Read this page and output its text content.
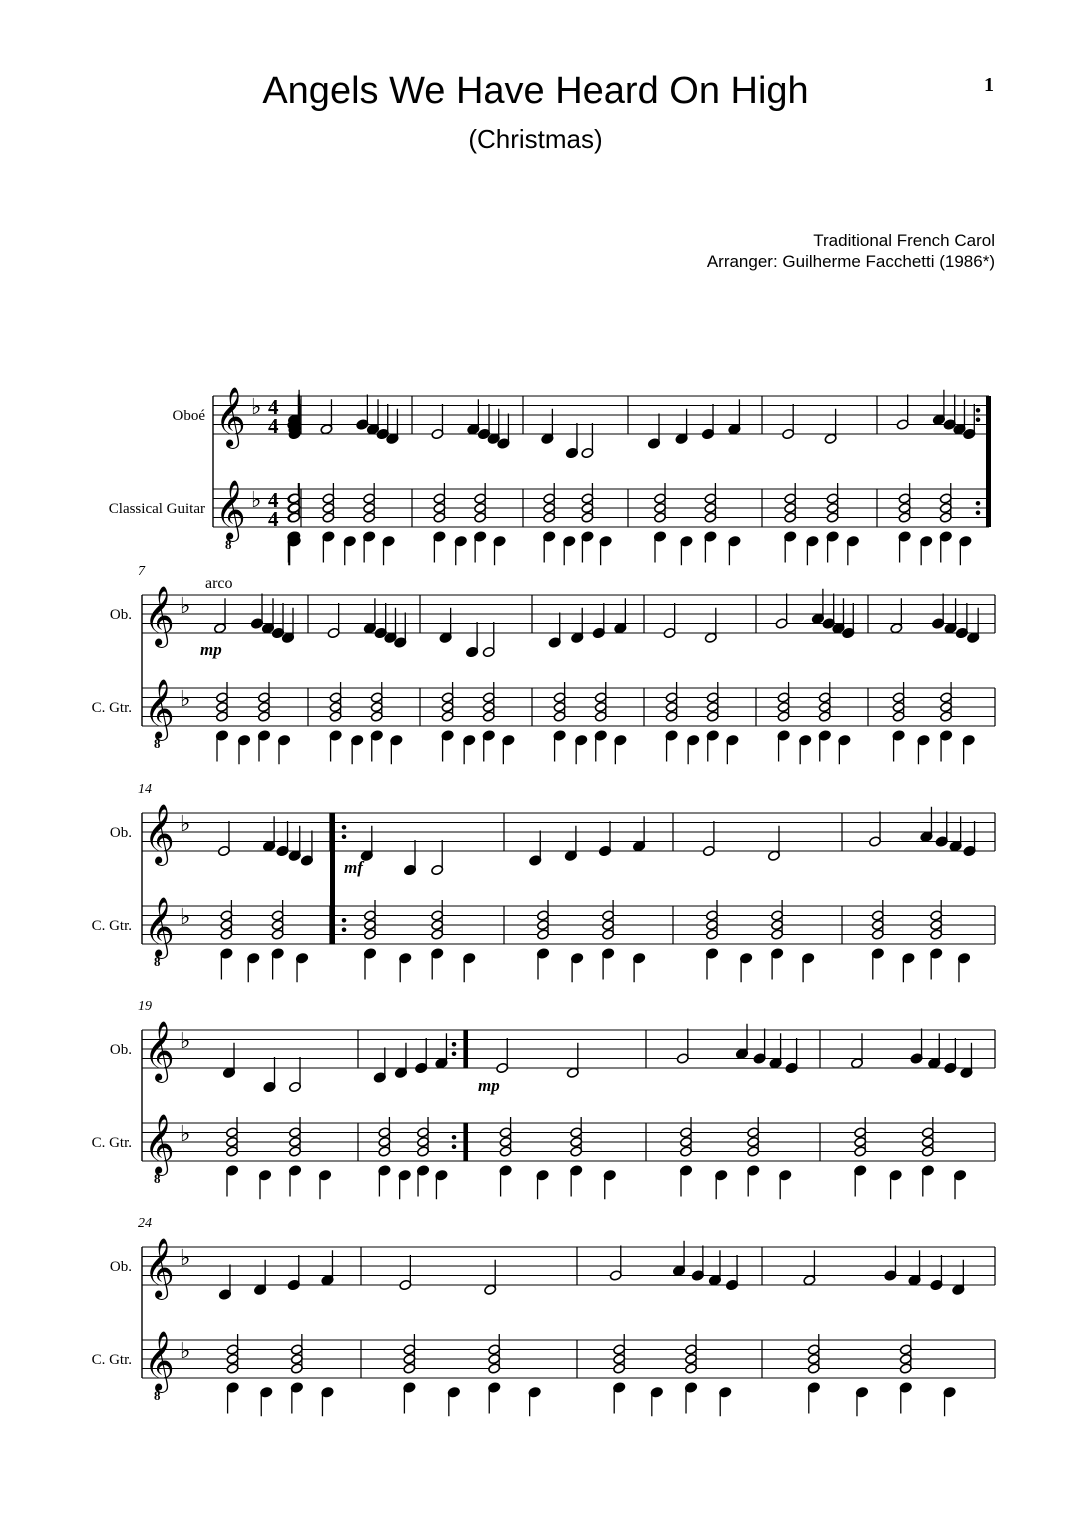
Angels We Have Heard On High
(Christmas)
1
Traditional French Carol
Arranger: Guilherme Facchetti (1986*)
Oboé
Classical Guitar
𝄞
𝄞
8
♭
♭
4
4
4
4
Ob.
C. Gtr.
7
𝄞
𝄞
8
♭
♭
Ob.
C. Gtr.
14
𝄞
𝄞
8
♭
♭
Ob.
C. Gtr.
19
𝄞
𝄞
8
♭
♭
Ob.
C. Gtr.
24
𝄞
𝄞
8
♭
♭
arco
mp
mf
mp
